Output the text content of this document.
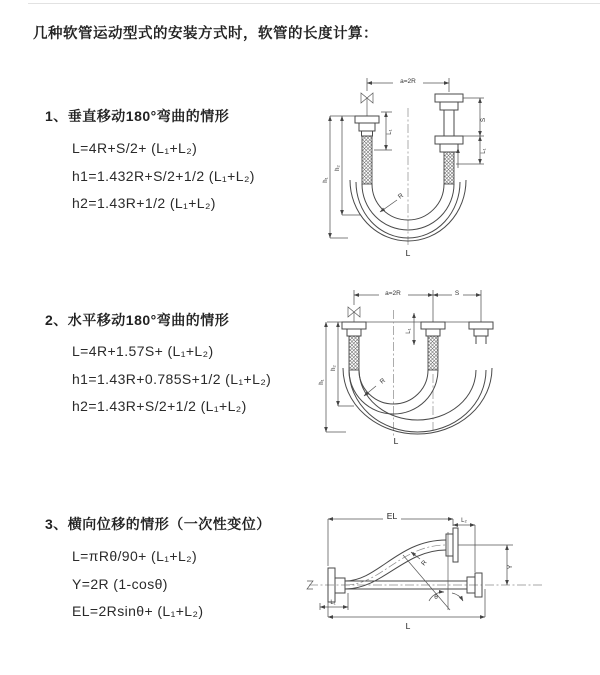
几种软管运动型式的安装方式时，软管的长度计算：
1、垂直移动180°弯曲的情形
L=4R+S/2+ (L₁+L₂)
h1=1.432R+S/2+1/2 (L₁+L₂)
h2=1.43R+1/2 (L₁+L₂)
2、水平移动180°弯曲的情形
L=4R+1.57S+ (L₁+L₂)
h1=1.43R+0.785S+1/2 (L₁+L₂)
h2=1.43R+S/2+1/2 (L₁+L₂)
3、横向位移的情形（一次性变位）
L=πRθ/90+ (L₁+L₂)
Y=2R (1-cosθ)
EL=2Rsinθ+ (L₁+L₂)
a=2R
R
L
h₁
h₂
S
L₁
L₁
a=2R	S
R
h₁
h₂
L₁
L
EL	L₂
Y
θ
R
L
L₁
